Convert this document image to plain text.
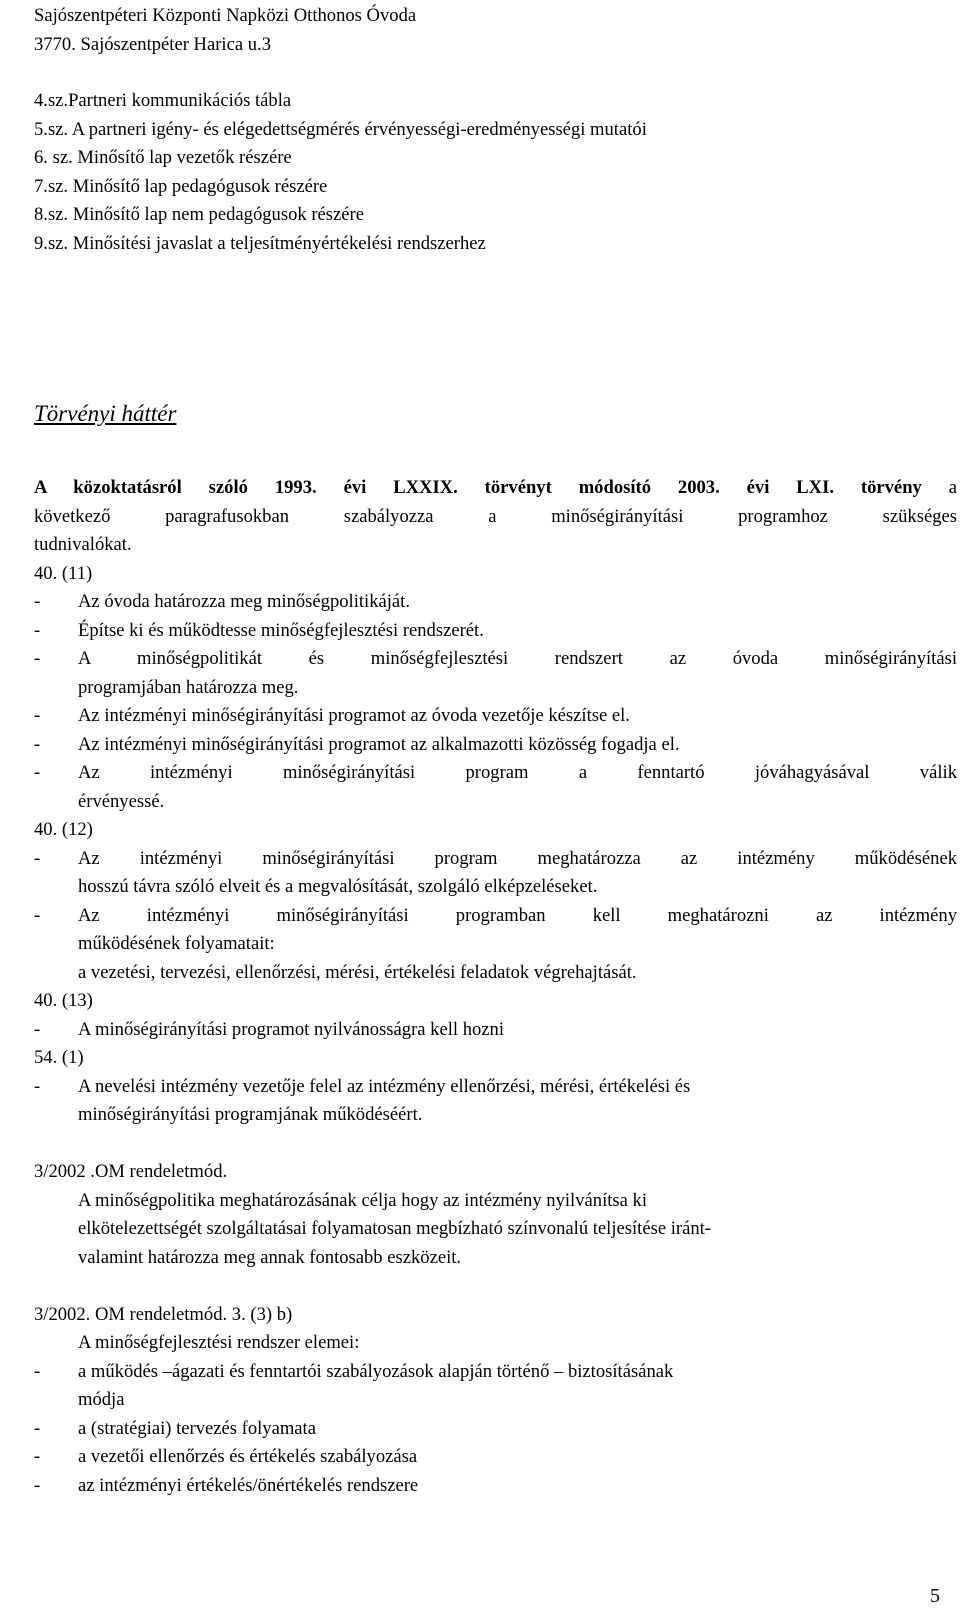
Sajószentpéteri Központi Napközi Otthonos Óvoda
3770. Sajószentpéter Harica u.3
4.sz.Partneri kommunikációs tábla
5.sz. A partneri igény- és elégedettségmérés érvényességi-eredményességi mutatói
6. sz. Minősítő lap vezetők részére
7.sz. Minősítő lap pedagógusok részére
8.sz. Minősítő lap nem pedagógusok részére
9.sz. Minősítési javaslat a teljesítményértékelési rendszerhez
Törvényi háttér
A közoktatásról szóló 1993. évi LXXIX. törvényt módosító 2003. évi LXI. törvény a
következő paragrafusokban szabályozza a minőségirányítási programhoz szükséges
tudnivalókat.
40. (11)
- Az óvoda határozza meg minőségpolitikáját.
- Építse ki és működtesse minőségfejlesztési rendszerét.
- A minőségpolitikát és minőségfejlesztési rendszert az óvoda minőségirányítási
programjában határozza meg.
- Az intézményi minőségirányítási programot az óvoda vezetője készítse el.
- Az intézményi minőségirányítási programot az alkalmazotti közösség fogadja el.
- Az intézményi minőségirányítási program a fenntartó jóváhagyásával válik
érvényessé.
40. (12)
- Az intézményi minőségirányítási program meghatározza az intézmény működésének
hosszú távra szóló elveit és a megvalósítását, szolgáló elképzeléseket.
- Az intézményi minőségirányítási programban kell meghatározni az intézmény
működésének folyamatait:
a vezetési, tervezési, ellenőrzési, mérési, értékelési feladatok végrehajtását.
40. (13)
- A minőségirányítási programot nyilvánosságra kell hozni
54. (1)
- A nevelési intézmény vezetője felel az intézmény ellenőrzési, mérési, értékelési és
minőségirányítási programjának működéséért.
3/2002 .OM rendeletmód.
A minőségpolitika meghatározásának célja hogy az intézmény nyilvánítsa ki
elkötelezettségét szolgáltatásai folyamatosan megbízható színvonalú teljesítése iránt-
valamint határozza meg annak fontosabb eszközeit.
3/2002. OM rendeletmód. 3. (3) b)
A minőségfejlesztési rendszer elemei:
- a működés –ágazati és fenntartói szabályozások alapján történő – biztosításának
módja
- a (stratégiai) tervezés folyamata
- a vezetői ellenőrzés és értékelés szabályozása
- az intézményi értékelés/önértékelés rendszere
5
